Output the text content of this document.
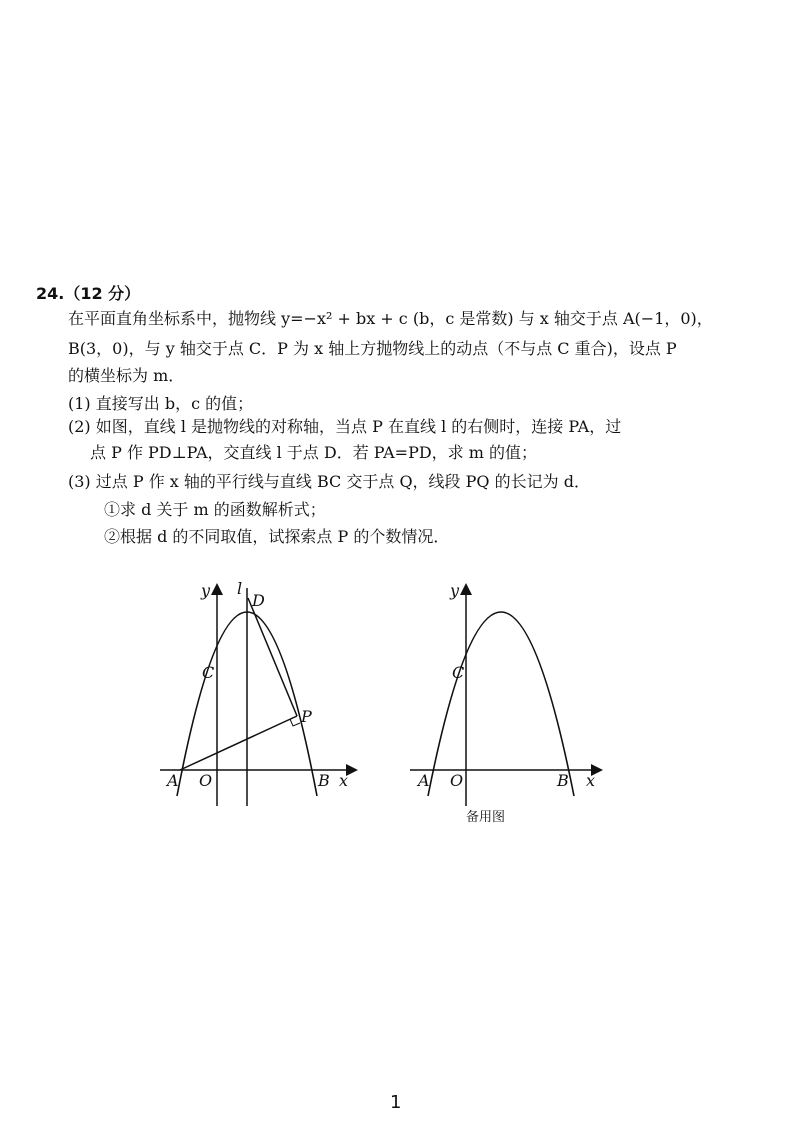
24.（12 分）
在平面直角坐标系中，抛物线 y=−x² + bx + c (b，c 是常数) 与 x 轴交于点 A(−1，0)，
B(3，0)，与 y 轴交于点 C．P 为 x 轴上方抛物线上的动点（不与点 C 重合)，设点 P
的横坐标为 m．
(1) 直接写出 b，c 的值；
(2) 如图，直线 l 是抛物线的对称轴，当点 P 在直线 l 的右侧时，连接 PA，过
点 P 作 PD⊥PA，交直线 l 于点 D．若 PA=PD，求 m 的值；
(3) 过点 P 作 x 轴的平行线与直线 BC 交于点 Q，线段 PQ 的长记为 d．
①求 d 关于 m 的函数解析式；
②根据 d 的不同取值，试探索点 P 的个数情况．
y l
D
C
P
A O	B x
y
C
A O	B x
备用图
1
